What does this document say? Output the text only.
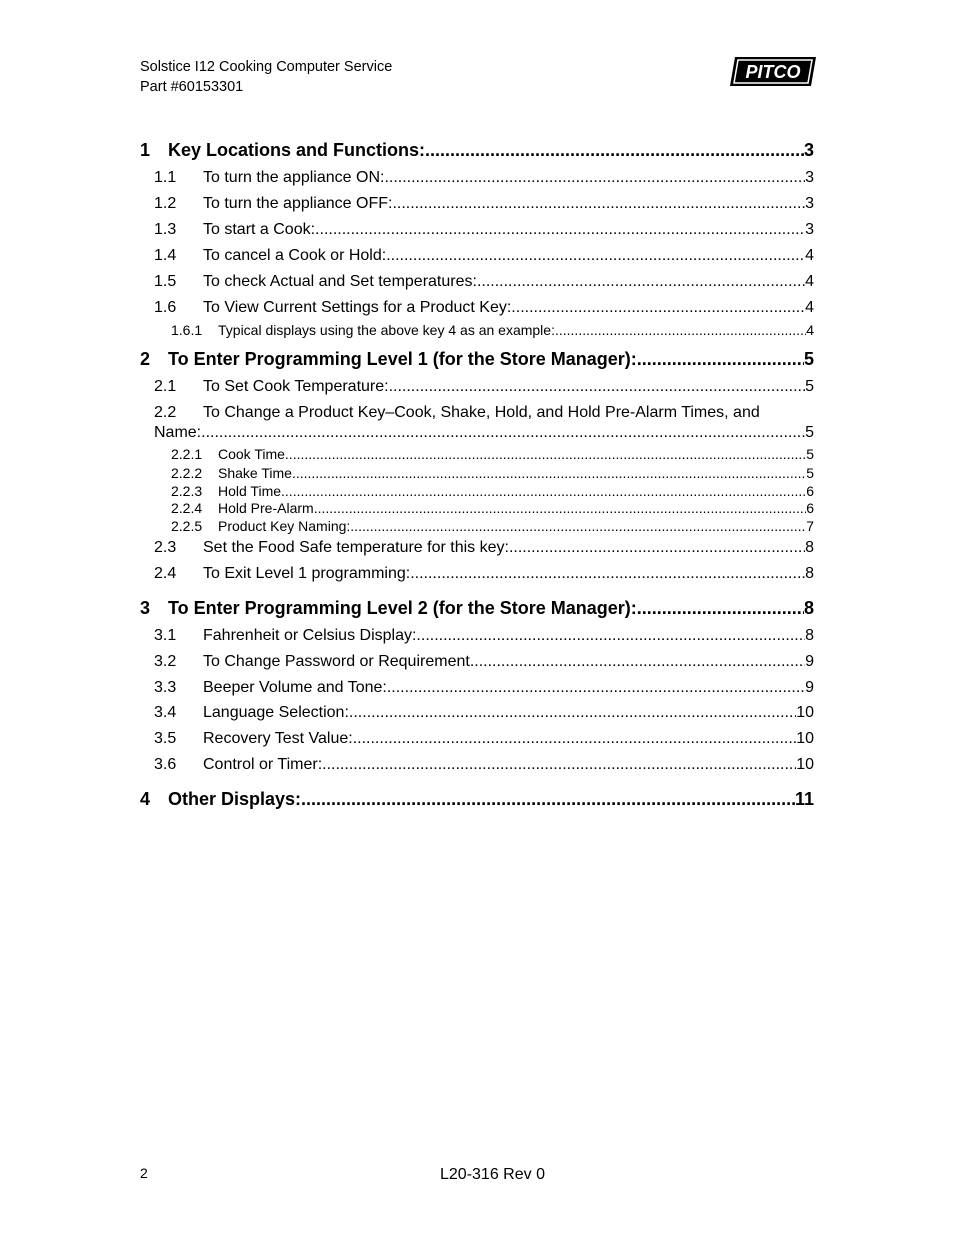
Solstice I12 Cooking Computer Service
Part #60153301
PITCO
1 Key Locations and Functions: .....	3
1.1	To turn the appliance ON: .....	3
1.2	To turn the appliance OFF: .....	3
1.3	To start a Cook: .....	3
1.4	To cancel a Cook or Hold: .....	4
1.5	To check Actual and Set temperatures: .....	4
1.6	To View Current Settings for a Product Key: .....	4
1.6.1	Typical displays using the above key 4 as an example: .....	4
2 To Enter Programming Level 1 (for the Store Manager): .....	5
2.1	To Set Cook Temperature: .....	5
2.2 To Change a Product Key–Cook, Shake, Hold, and Hold Pre-Alarm Times, and
Name: .....	5
2.2.1	Cook Time .....	5
2.2.2	Shake Time .....	5
2.2.3	Hold Time .....	6
2.2.4	Hold Pre-Alarm .....	6
2.2.5	Product Key Naming: .....	7
2.3	Set the Food Safe temperature for this key: .....	8
2.4	To Exit Level 1 programming: .....	8
3 To Enter Programming Level 2 (for the Store Manager): .....	8
3.1	Fahrenheit or Celsius Display: .....	8
3.2	To Change Password or Requirement .....	9
3.3	Beeper Volume and Tone: .....	9
3.4	Language Selection: .....	10
3.5	Recovery Test Value: .....	10
3.6	Control or Timer: .....	10
4 Other Displays: .....	11
2	L20-316 Rev 0
